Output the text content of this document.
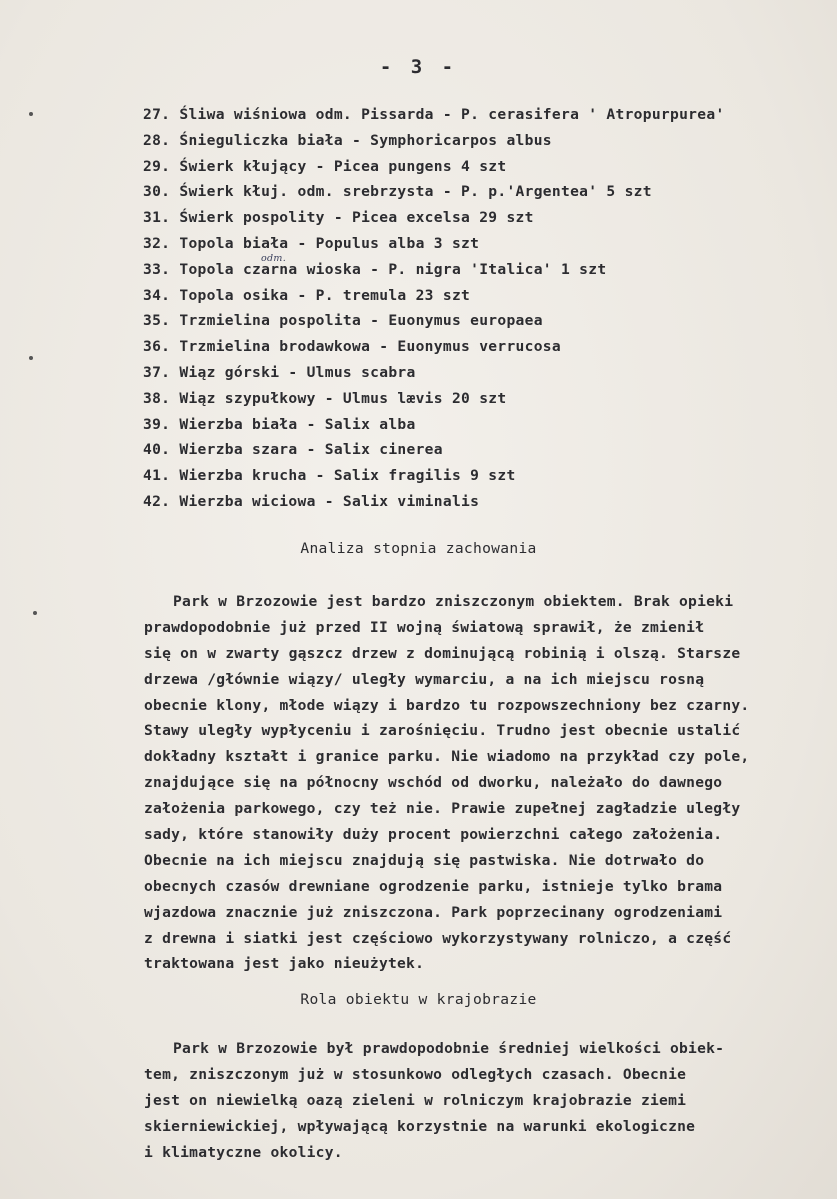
- 3 -
27. Śliwa wiśniowa odm. Pissarda - P. cerasifera ' Atropurpurea'
28. Śnieguliczka biała - Symphoricarpos albus
29. Świerk kłujący - Picea pungens 4 szt
30. Świerk kłuj. odm. srebrzysta - P. p.'Argentea' 5 szt
31. Świerk pospolity - Picea excelsa 29 szt
32. Topola biała - Populus alba 3 szt
33. Topola czarna wioska - P. nigra 'Italica' 1 szt
odm.
34. Topola osika - P. tremula 23 szt
35. Trzmielina pospolita - Euonymus europaea
36. Trzmielina brodawkowa - Euonymus verrucosa
37. Wiąz górski - Ulmus scabra
38. Wiąz szypułkowy - Ulmus lævis 20 szt
39. Wierzba biała - Salix alba
40. Wierzba szara - Salix cinerea
41. Wierzba krucha - Salix fragilis 9 szt
42. Wierzba wiciowa - Salix viminalis
Analiza stopnia zachowania
Park w Brzozowie jest bardzo zniszczonym obiektem. Brak opieki
prawdopodobnie już przed II wojną światową sprawił, że zmienił
się on w zwarty gąszcz drzew z dominującą robinią i olszą. Starsze
drzewa /głównie wiązy/ uległy wymarciu, a na ich miejscu rosną
obecnie klony, młode wiązy i bardzo tu rozpowszechniony bez czarny.
Stawy uległy wypłyceniu i zarośnięciu. Trudno jest obecnie ustalić
dokładny kształt i granice parku. Nie wiadomo na przykład czy pole,
znajdujące się na północny wschód od dworku, należało do dawnego
założenia parkowego, czy też nie. Prawie zupełnej zagładzie uległy
sady, które stanowiły duży procent powierzchni całego założenia.
Obecnie na ich miejscu znajdują się pastwiska. Nie dotrwało do
obecnych czasów drewniane ogrodzenie parku, istnieje tylko brama
wjazdowa znacznie już zniszczona. Park poprzecinany ogrodzeniami
z drewna i siatki jest częściowo wykorzystywany rolniczo, a część
traktowana jest jako nieużytek.
Rola obiektu w krajobrazie
Park w Brzozowie był prawdopodobnie średniej wielkości obiek-
tem, zniszczonym już w stosunkowo odległych czasach. Obecnie
jest on niewielką oazą zieleni w rolniczym krajobrazie ziemi
skierniewickiej, wpływającą korzystnie na warunki ekologiczne
i klimatyczne okolicy.
